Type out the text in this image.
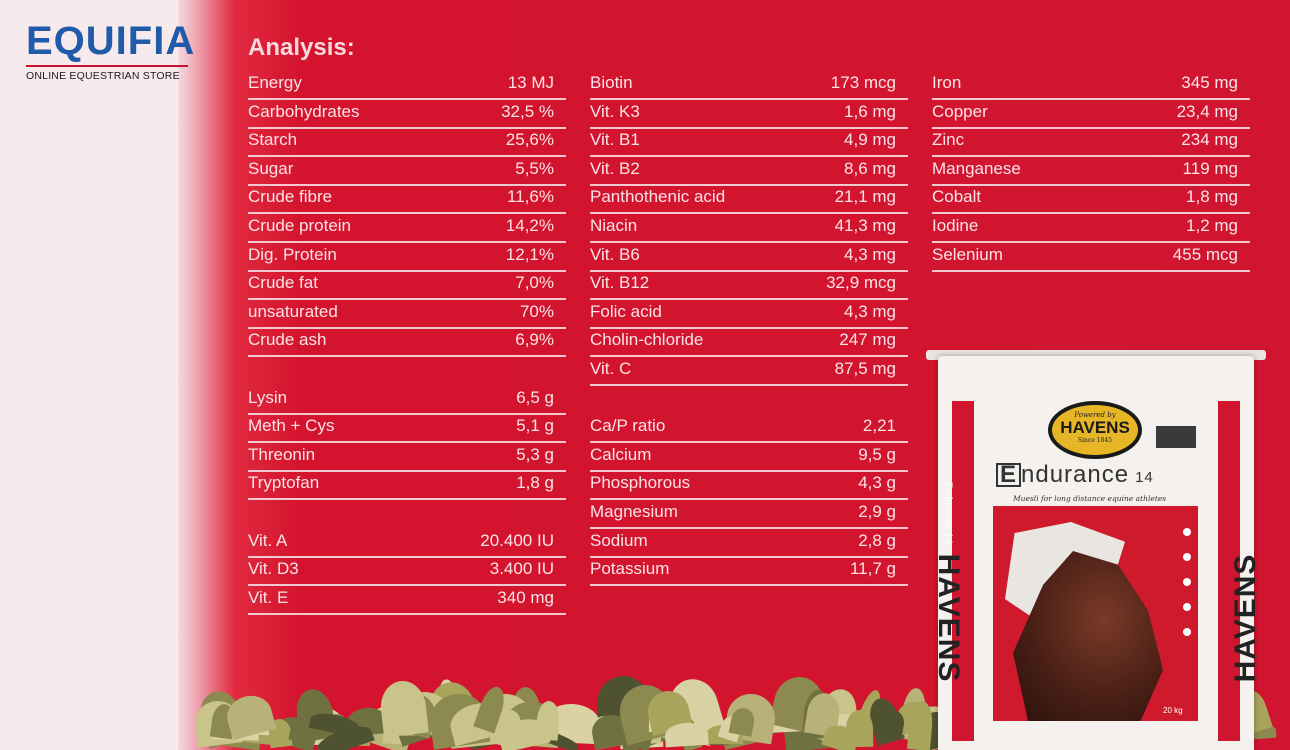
EQUIFIA
ONLINE EQUESTRIAN STORE
Analysis:
Energy	13 MJ
Carbohydrates	32,5 %
Starch	25,6%
Sugar	5,5%
Crude fibre	11,6%
Crude protein	14,2%
Dig. Protein	12,1%
Crude fat	7,0%
unsaturated	70%
Crude ash	6,9%
Lysin	6,5 g
Meth + Cys	5,1 g
Threonin	5,3 g
Tryptofan	1,8 g
Vit. A	20.400 IU
Vit. D3	3.400 IU
Vit. E	340 mg
Biotin	173 mcg
Vit. K3	1,6 mg
Vit. B1	4,9 mg
Vit. B2	8,6 mg
Panthothenic acid	21,1 mg
Niacin	41,3 mg
Vit. B6	4,3 mg
Vit. B12	32,9 mcg
Folic acid	4,3 mg
Cholin-chloride	247 mg
Vit. C	87,5 mg
Ca/P ratio	2,21
Calcium	9,5 g
Phosphorous	4,3 g
Magnesium	2,9 g
Sodium	2,8 g
Potassium	11,7 g
Iron	345 mg
Copper	23,4 mg
Zinc	234 mg
Manganese	119 mg
Cobalt	1,8 mg
Iodine	1,2 mg
Selenium	455 mcg
Endurance 14
Powered by
HAVENS
Since 1845
E ndurance 14
Muesli for long distance equine athletes
20 kg
HAVENS	HAVENS
